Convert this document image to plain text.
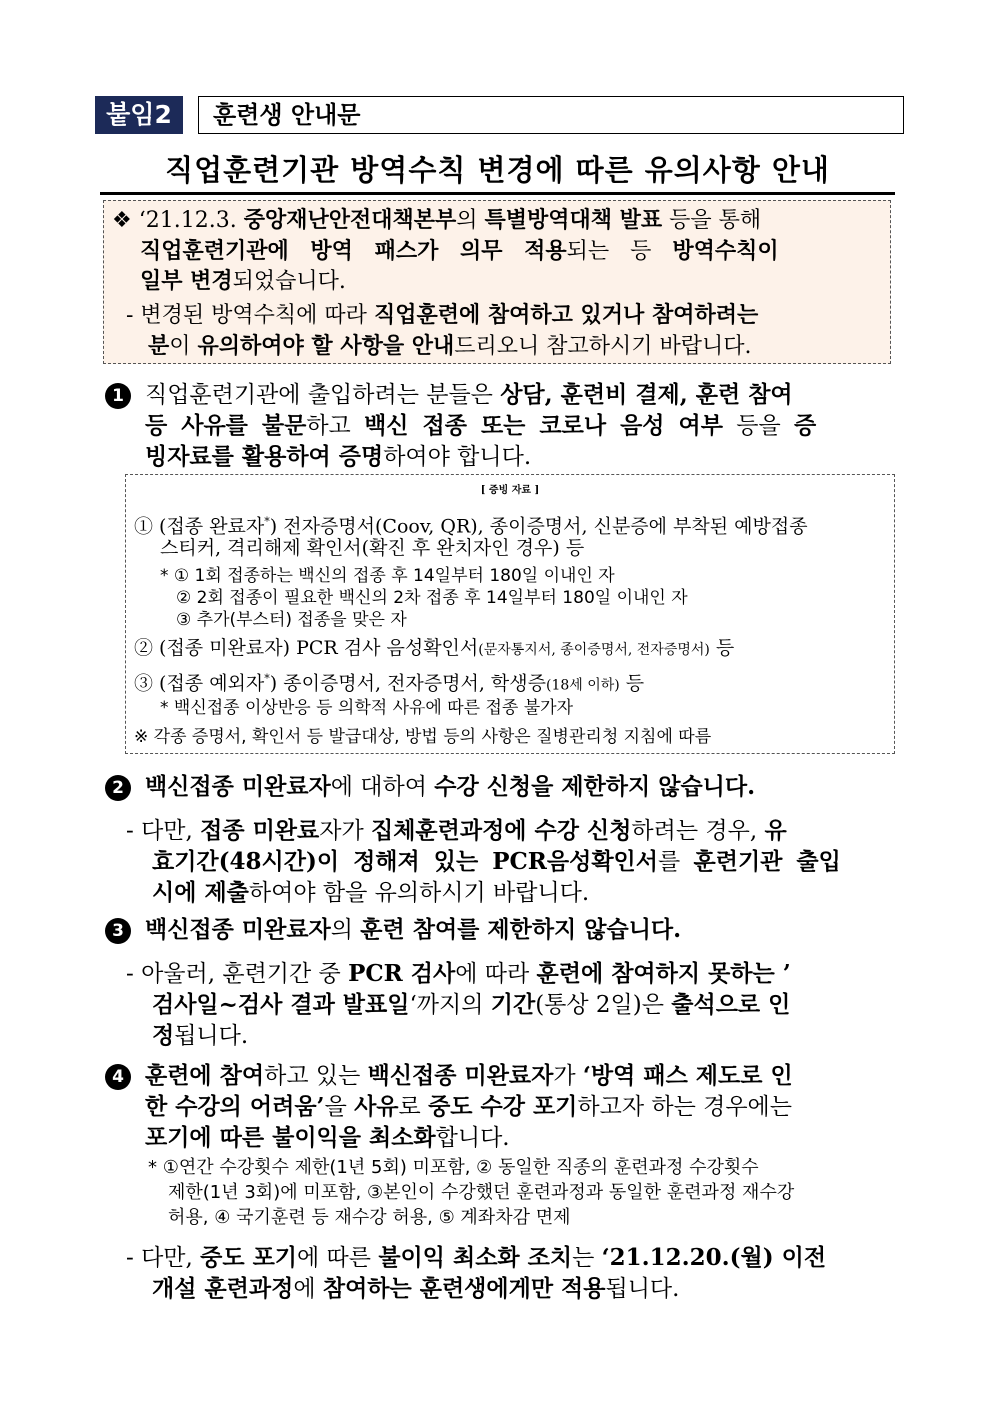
붙임2	훈련생 안내문
직업훈련기관 방역수칙 변경에 따른 유의사항 안내
❖ ‘21.12.3. 중앙재난안전대책본부의 특별방역대책 발표 등을 통해
직업훈련기관에 방역 패스가 의무 적용되는 등 방역수칙이
일부 변경되었습니다.
- 변경된 방역수칙에 따라 직업훈련에 참여하고 있거나 참여하려는
분이 유의하여야 할 사항을 안내드리오니 참고하시기 바랍니다.
1 직업훈련기관에 출입하려는 분들은 상담, 훈련비 결제, 훈련 참여
등 사유를 불문하고 백신 접종 또는 코로나 음성 여부 등을 증
빙자료를 활용하여 증명하여야 합니다.
[ 증빙 자료 ]
① (접종 완료자*) 전자증명서(Coov, QR), 종이증명서, 신분증에 부착된 예방접종
스티커, 격리해제 확인서(확진 후 완치자인 경우) 등
* ① 1회 접종하는 백신의 접종 후 14일부터 180일 이내인 자
② 2회 접종이 필요한 백신의 2차 접종 후 14일부터 180일 이내인 자
③ 추가(부스터) 접종을 맞은 자
② (접종 미완료자) PCR 검사 음성확인서(문자통지서, 종이증명서, 전자증명서) 등
③ (접종 예외자*) 종이증명서, 전자증명서, 학생증(18세 이하) 등
* 백신접종 이상반응 등 의학적 사유에 따른 접종 불가자
※ 각종 증명서, 확인서 등 발급대상, 방법 등의 사항은 질병관리청 지침에 따름
2 백신접종 미완료자에 대하여 수강 신청을 제한하지 않습니다.
- 다만, 접종 미완료자가 집체훈련과정에 수강 신청하려는 경우, 유
효기간(48시간)이 정해져 있는 PCR음성확인서를 훈련기관 출입
시에 제출하여야 함을 유의하시기 바랍니다.
3 백신접종 미완료자의 훈련 참여를 제한하지 않습니다.
- 아울러, 훈련기간 중 PCR 검사에 따라 훈련에 참여하지 못하는 ’
검사일~검사 결과 발표일‘까지의 기간(통상 2일)은 출석으로 인
정됩니다.
4 훈련에 참여하고 있는 백신접종 미완료자가 ‘방역 패스 제도로 인
한 수강의 어려움’을 사유로 중도 수강 포기하고자 하는 경우에는
포기에 따른 불이익을 최소화합니다.
* ①연간 수강횟수 제한(1년 5회) 미포함, ② 동일한 직종의 훈련과정 수강횟수
제한(1년 3회)에 미포함, ③본인이 수강했던 훈련과정과 동일한 훈련과정 재수강
허용, ④ 국기훈련 등 재수강 허용, ⑤ 계좌차감 면제
- 다만, 중도 포기에 따른 불이익 최소화 조치는 ‘21.12.20.(월) 이전
개설 훈련과정에 참여하는 훈련생에게만 적용됩니다.
